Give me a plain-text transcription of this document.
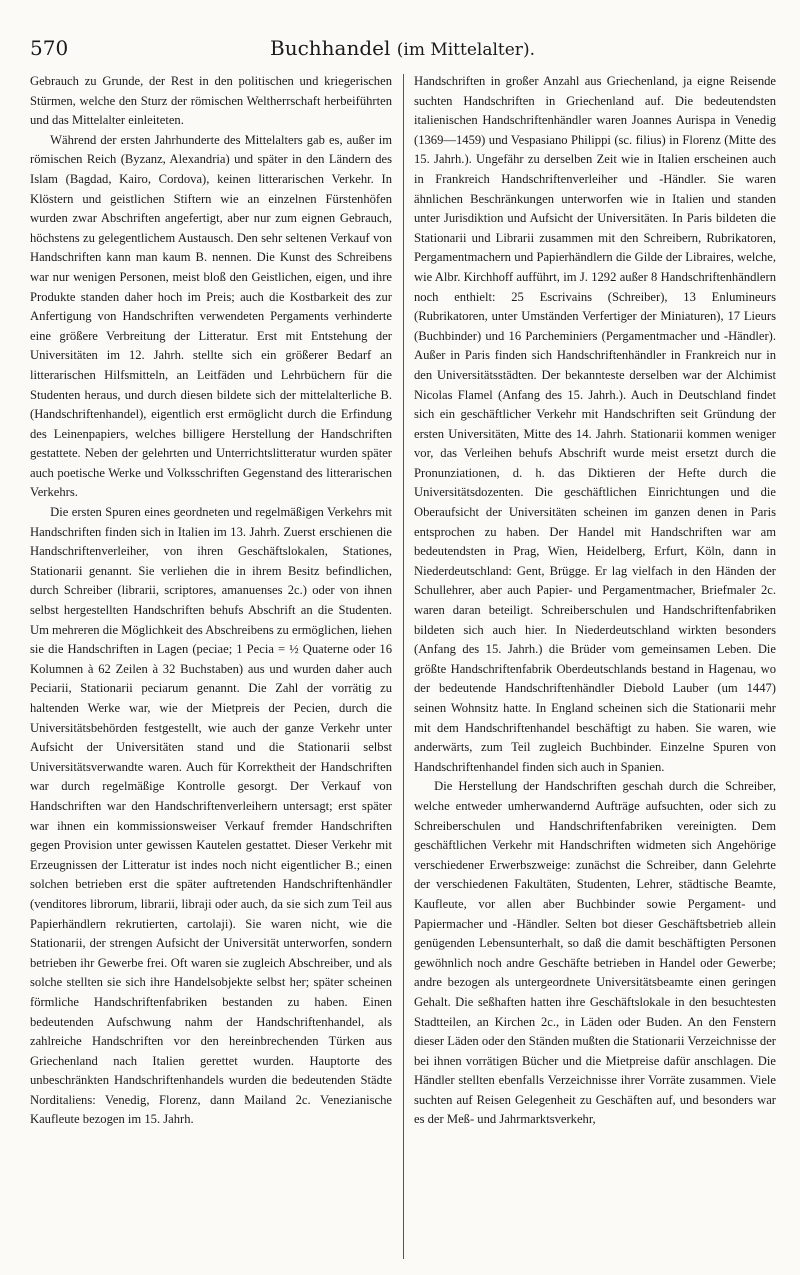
570	Buchhandel (im Mittelalter).

Gebrauch zu Grunde, der Rest in den politischen und kriegerischen Stürmen, welche den Sturz der römischen Weltherrschaft herbeiführten und das Mittelalter einleiteten.

Während der ersten Jahrhunderte des Mittelalters gab es, außer im römischen Reich (Byzanz, Alexandria) und später in den Ländern des Islam (Bagdad, Kairo, Cordova), keinen litterarischen Verkehr. In Klöstern und geistlichen Stiftern wie an einzelnen Fürstenhöfen wurden zwar Abschriften angefertigt, aber nur zum eignen Gebrauch, höchstens zu gelegentlichem Austausch. Den sehr seltenen Verkauf von Handschriften kann man kaum B. nennen. Die Kunst des Schreibens war nur wenigen Personen, meist bloß den Geistlichen, eigen, und ihre Produkte standen daher hoch im Preis; auch die Kostbarkeit des zur Anfertigung von Handschriften verwendeten Pergaments verhinderte eine größere Verbreitung der Litteratur. Erst mit Entstehung der Universitäten im 12. Jahrh. stellte sich ein größerer Bedarf an litterarischen Hilfsmitteln, an Leitfäden und Lehrbüchern für die Studenten heraus, und durch diesen bildete sich der mittelalterliche B. (Handschriftenhandel), eigentlich erst ermöglicht durch die Erfindung des Leinenpapiers, welches billigere Herstellung der Handschriften gestattete. Neben der gelehrten und Unterrichtslitteratur wurden später auch poetische Werke und Volksschriften Gegenstand des litterarischen Verkehrs.

Die ersten Spuren eines geordneten und regelmäßigen Verkehrs mit Handschriften finden sich in Italien im 13. Jahrh. Zuerst erschienen die Handschriftenverleiher, von ihren Geschäftslokalen, Stationes, Stationarii genannt. Sie verliehen die in ihrem Besitz befindlichen, durch Schreiber (librarii, scriptores, amanuenses 2c.) oder von ihnen selbst hergestellten Handschriften behufs Abschrift an die Studenten. Um mehreren die Möglichkeit des Abschreibens zu ermöglichen, liehen sie die Handschriften in Lagen (peciae; 1 Pecia = ½ Quaterne oder 16 Kolumnen à 62 Zeilen à 32 Buchstaben) aus und wurden daher auch Peciarii, Stationarii peciarum genannt. Die Zahl der vorrätig zu haltenden Werke war, wie der Mietpreis der Pecien, durch die Universitätsbehörden festgestellt, wie auch der ganze Verkehr unter Aufsicht der Universitäten stand und die Stationarii selbst Universitätsverwandte waren. Auch für Korrektheit der Handschriften war durch regelmäßige Kontrolle gesorgt. Der Verkauf von Handschriften war den Handschriftenverleihern untersagt; erst später war ihnen ein kommissionsweiser Verkauf fremder Handschriften gegen Provision unter gewissen Kautelen gestattet. Dieser Verkehr mit Erzeugnissen der Litteratur ist indes noch nicht eigentlicher B.; einen solchen betrieben erst die später auftretenden Handschriftenhändler (venditores librorum, librarii, libraji oder auch, da sie sich zum Teil aus Papierhändlern rekrutierten, cartolaji). Sie waren nicht, wie die Stationarii, der strengen Aufsicht der Universität unterworfen, sondern betrieben ihr Gewerbe frei. Oft waren sie zugleich Abschreiber, und als solche stellten sie sich ihre Handelsobjekte selbst her; später scheinen förmliche Handschriftenfabriken bestanden zu haben. Einen bedeutenden Aufschwung nahm der Handschriftenhandel, als zahlreiche Handschriften vor den hereinbrechenden Türken aus Griechenland nach Italien gerettet wurden. Hauptorte des unbeschränkten Handschriftenhandels wurden die bedeutenden Städte Norditaliens: Venedig, Florenz, dann Mailand 2c. Venezianische Kaufleute bezogen im 15. Jahrh.

Handschriften in großer Anzahl aus Griechenland, ja eigne Reisende suchten Handschriften in Griechenland auf. Die bedeutendsten italienischen Handschriftenhändler waren Joannes Aurispa in Venedig (1369—1459) und Vespasiano Philippi (sc. filius) in Florenz (Mitte des 15. Jahrh.). Ungefähr zu derselben Zeit wie in Italien erscheinen auch in Frankreich Handschriftenverleiher und -Händler. Sie waren ähnlichen Beschränkungen unterworfen wie in Italien und standen unter Jurisdiktion und Aufsicht der Universitäten. In Paris bildeten die Stationarii und Librarii zusammen mit den Schreibern, Rubrikatoren, Pergamentmachern und Papierhändlern die Gilde der Libraires, welche, wie Albr. Kirchhoff aufführt, im J. 1292 außer 8 Handschriftenhändlern noch enthielt: 25 Escrivains (Schreiber), 13 Enlumineurs (Rubrikatoren, unter Umständen Verfertiger der Miniaturen), 17 Lieurs (Buchbinder) und 16 Parcheminiers (Pergamentmacher und -Händler). Außer in Paris finden sich Handschriftenhändler in Frankreich nur in den Universitätsstädten. Der bekannteste derselben war der Alchimist Nicolas Flamel (Anfang des 15. Jahrh.). Auch in Deutschland findet sich ein geschäftlicher Verkehr mit Handschriften seit Gründung der ersten Universitäten, Mitte des 14. Jahrh. Stationarii kommen weniger vor, das Verleihen behufs Abschrift wurde meist ersetzt durch die Pronunziationen, d. h. das Diktieren der Hefte durch die Universitätsdozenten. Die geschäftlichen Einrichtungen und die Oberaufsicht der Universitäten scheinen im ganzen denen in Paris entsprochen zu haben. Der Handel mit Handschriften war am bedeutendsten in Prag, Wien, Heidelberg, Erfurt, Köln, dann in Niederdeutschland: Gent, Brügge. Er lag vielfach in den Händen der Schullehrer, aber auch Papier- und Pergamentmacher, Briefmaler 2c. waren daran beteiligt. Schreiberschulen und Handschriftenfabriken bildeten sich auch hier. In Niederdeutschland wirkten besonders (Anfang des 15. Jahrh.) die Brüder vom gemeinsamen Leben. Die größte Handschriftenfabrik Oberdeutschlands bestand in Hagenau, wo der bedeutende Handschriftenhändler Diebold Lauber (um 1447) seinen Wohnsitz hatte. In England scheinen sich die Stationarii mehr mit dem Handschriftenhandel beschäftigt zu haben. Sie waren, wie anderwärts, zum Teil zugleich Buchbinder. Einzelne Spuren von Handschriftenhandel finden sich auch in Spanien.

Die Herstellung der Handschriften geschah durch die Schreiber, welche entweder umherwandernd Aufträge aufsuchten, oder sich zu Schreiberschulen und Handschriftenfabriken vereinigten. Dem geschäftlichen Verkehr mit Handschriften widmeten sich Angehörige verschiedener Erwerbszweige: zunächst die Schreiber, dann Gelehrte der verschiedenen Fakultäten, Studenten, Lehrer, städtische Beamte, Kaufleute, vor allen aber Buchbinder sowie Pergament- und Papiermacher und -Händler. Selten bot dieser Geschäftsbetrieb allein genügenden Lebensunterhalt, so daß die damit beschäftigten Personen gewöhnlich noch andre Geschäfte betrieben in Handel oder Gewerbe; andre bezogen als untergeordnete Universitätsbeamte einen geringen Gehalt. Die seßhaften hatten ihre Geschäftslokale in den besuchtesten Stadtteilen, an Kirchen 2c., in Läden oder Buden. An den Fenstern dieser Läden oder den Ständen mußten die Stationarii Verzeichnisse der bei ihnen vorrätigen Bücher und die Mietpreise dafür anschlagen. Die Händler stellten ebenfalls Verzeichnisse ihrer Vorräte zusammen. Viele suchten auf Reisen Gelegenheit zu Geschäften auf, und besonders war es der Meß- und Jahrmarktsverkehr,
